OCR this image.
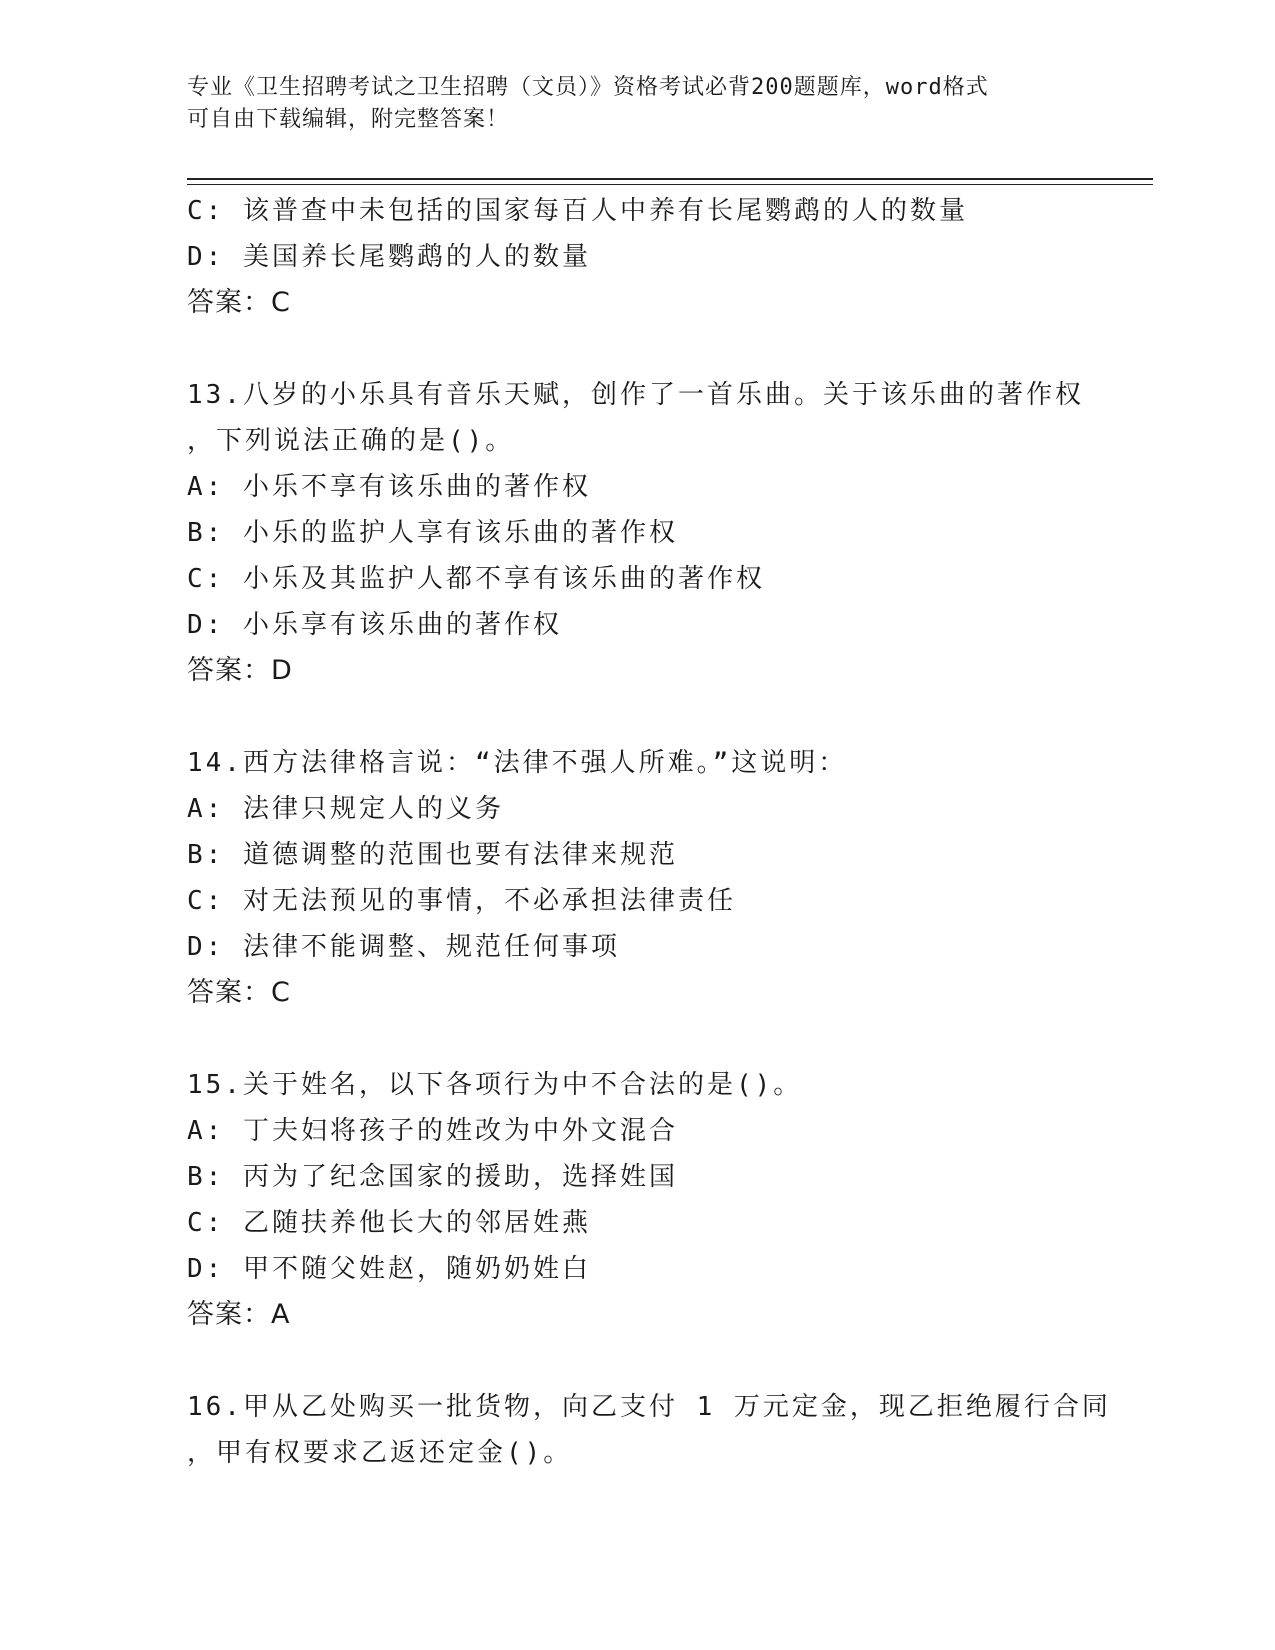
专业《卫生招聘考试之卫生招聘（文员）》资格考试必背200题题库，word格式
可自由下载编辑，附完整答案！
C: 该普查中未包括的国家每百人中养有长尾鹦鹉的人的数量
D: 美国养长尾鹦鹉的人的数量
答案：C
13.八岁的小乐具有音乐天赋，创作了一首乐曲。关于该乐曲的著作权
，下列说法正确的是()。
A: 小乐不享有该乐曲的著作权
B: 小乐的监护人享有该乐曲的著作权
C: 小乐及其监护人都不享有该乐曲的著作权
D: 小乐享有该乐曲的著作权
答案：D
14.西方法律格言说：“法律不强人所难。”这说明：
A: 法律只规定人的义务
B: 道德调整的范围也要有法律来规范
C: 对无法预见的事情，不必承担法律责任
D: 法律不能调整、规范任何事项
答案：C
15.关于姓名，以下各项行为中不合法的是()。
A: 丁夫妇将孩子的姓改为中外文混合
B: 丙为了纪念国家的援助，选择姓国
C: 乙随扶养他长大的邻居姓燕
D: 甲不随父姓赵，随奶奶姓白
答案：A
16.甲从乙处购买一批货物，向乙支付 1 万元定金，现乙拒绝履行合同
，甲有权要求乙返还定金()。
